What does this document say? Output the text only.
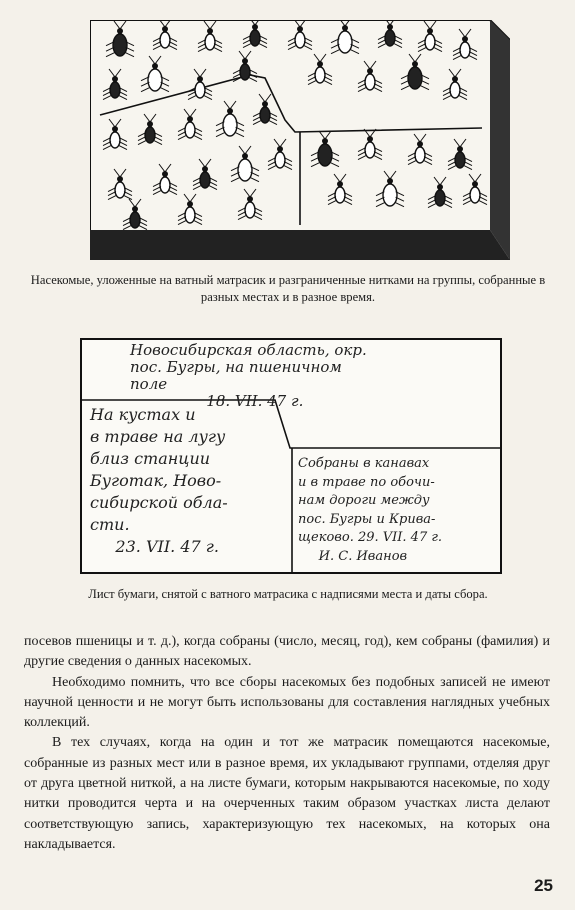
Насекомые, уложенные на ватный матрасик и разграниченные нитками на группы, собранные в разных местах и в разное время.
Новосибирская область, окр.
пос. Бугры, на пшеничном
поле
18. VII. 47 г.
На кустах и
в траве на лугу
близ станции
Буготак, Ново-
сибирской обла-
сти.
23. VII. 47 г.
Собраны в канавах
и в траве по обочи-
нам дороги между
пос. Бугры и Крива-
щеково. 29. VII. 47 г.
И. С. Иванов
Лист бумаги, снятой с ватного матрасика с надписями места и даты сбора.

посевов пшеницы и т. д.), когда собраны (число, месяц, год), кем собраны (фамилия) и другие сведения о данных насекомых.

Необходимо помнить, что все сборы насекомых без подобных записей не имеют научной ценности и не могут быть использованы для составления наглядных учебных коллекций.

В тех случаях, когда на один и тот же матрасик помещаются насекомые, собранные из разных мест или в разное время, их укладывают группами, отделяя друг от друга цветной ниткой, а на листе бумаги, которым накрываются насекомые, по ходу нитки проводится черта и на очерченных таким образом участках листа делают соответствующую запись, характеризующую тех насекомых, на которых она накладывается.

25
